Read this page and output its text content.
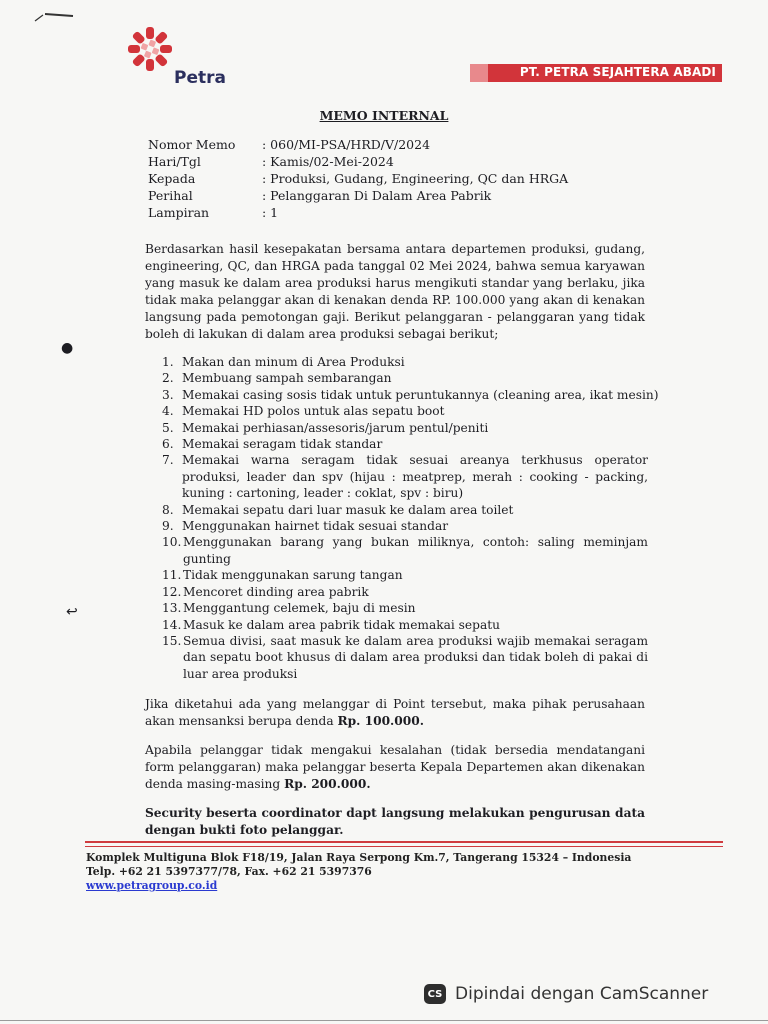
Petra	PT. PETRA SEJAHTERA ABADI
MEMO INTERNAL
Nomor Memo : 060/MI-PSA/HRD/V/2024
Hari/Tgl	: Kamis/02-Mei-2024
Kepada	: Produksi, Gudang, Engineering, QC dan HRGA
Perihal	: Pelanggaran Di Dalam Area Pabrik
Lampiran	: 1
Berdasarkan hasil kesepakatan bersama antara departemen produksi, gudang, engineering, QC, dan HRGA pada tanggal 02 Mei 2024, bahwa semua karyawan yang masuk ke dalam area produksi harus mengikuti standar yang berlaku, jika tidak maka pelanggar akan di kenakan denda RP. 100.000 yang akan di kenakan langsung pada pemotongan gaji. Berikut pelanggaran - pelanggaran yang tidak boleh di lakukan di dalam area produksi sebagai berikut;
●
↩
1. Makan dan minum di Area Produksi
2. Membuang sampah sembarangan
3. Memakai casing sosis tidak untuk peruntukannya (cleaning area, ikat mesin)
4. Memakai HD polos untuk alas sepatu boot
5. Memakai perhiasan/assesoris/jarum pentul/peniti
6. Memakai seragam tidak standar
7. Memakai warna seragam tidak sesuai areanya terkhusus operator produksi, leader dan spv (hijau : meatprep, merah : cooking - packing, kuning : cartoning, leader : coklat, spv : biru)
8. Memakai sepatu dari luar masuk ke dalam area toilet
9. Menggunakan hairnet tidak sesuai standar
10. Menggunakan barang yang bukan miliknya, contoh: saling meminjam gunting
11. Tidak menggunakan sarung tangan
12. Mencoret dinding area pabrik
13. Menggantung celemek, baju di mesin
14. Masuk ke dalam area pabrik tidak memakai sepatu
15. Semua divisi, saat masuk ke dalam area produksi wajib memakai seragam dan sepatu boot khusus di dalam area produksi dan tidak boleh di pakai di luar area produksi
Jika diketahui ada yang melanggar di Point tersebut, maka pihak perusahaan akan mensanksi berupa denda Rp. 100.000.
Apabila pelanggar tidak mengakui kesalahan (tidak bersedia mendatangani form pelanggaran) maka pelanggar beserta Kepala Departemen akan dikenakan denda masing-masing Rp. 200.000.
Security beserta coordinator dapt langsung melakukan pengurusan data dengan bukti foto pelanggar.
Komplek Multiguna Blok F18/19, Jalan Raya Serpong Km.7, Tangerang 15324 – Indonesia
Telp. +62 21 5397377/78, Fax. +62 21 5397376
www.petragroup.co.id
CS Dipindai dengan CamScanner
